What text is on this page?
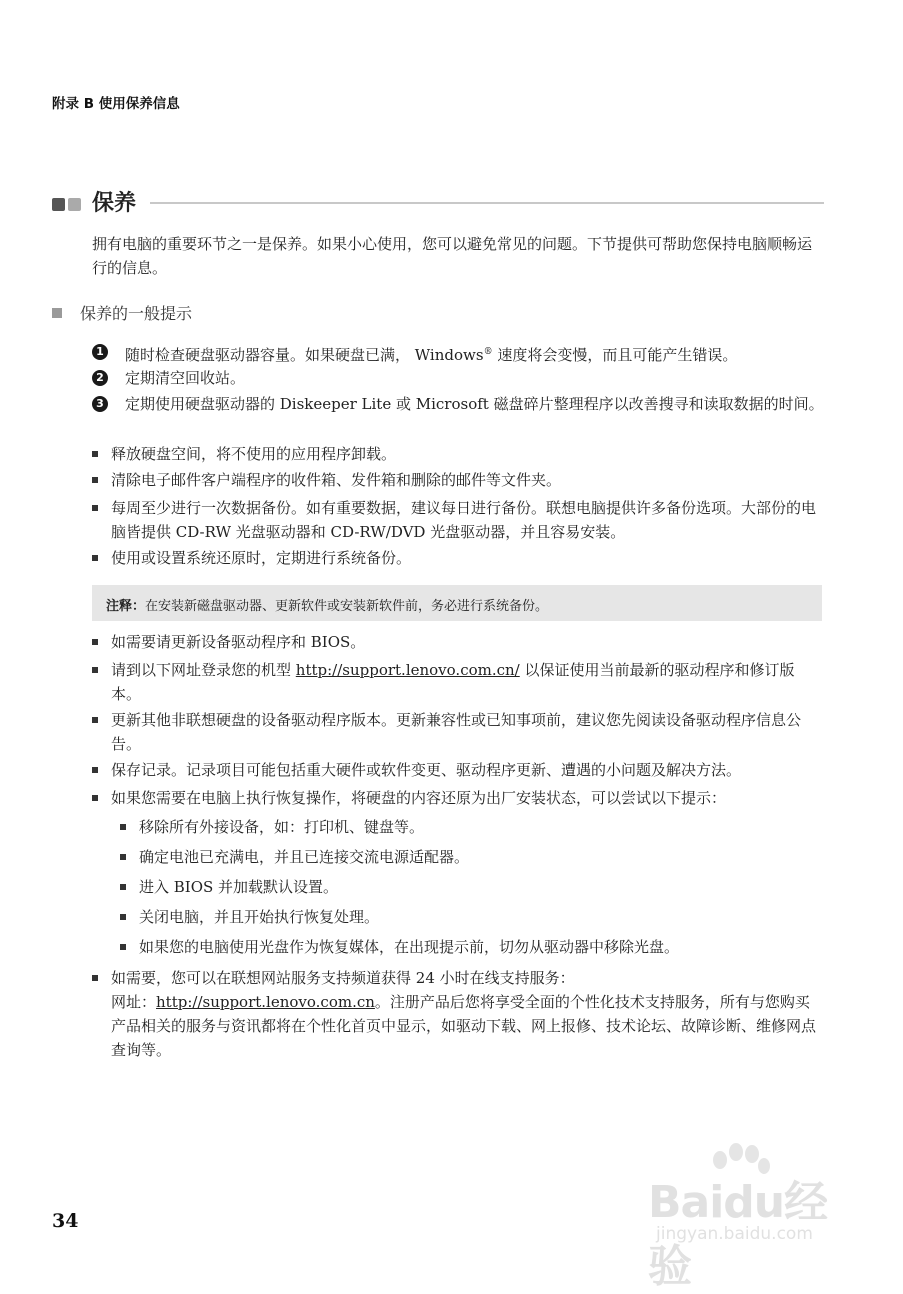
附录 B 使用保养信息
保养

拥有电脑的重要环节之一是保养。如果小心使用，您可以避免常见的问题。下节提供可帮助您保持电脑顺畅运行的信息。

保养的一般提示
1 随时检查硬盘驱动器容量。如果硬盘已满， Windows® 速度将会变慢，而且可能产生错误。
2 定期清空回收站。
3 定期使用硬盘驱动器的 Diskeeper Lite 或 Microsoft 磁盘碎片整理程序以改善搜寻和读取数据的时间。
释放硬盘空间，将不使用的应用程序卸载。
清除电子邮件客户端程序的收件箱、发件箱和删除的邮件等文件夹。
每周至少进行一次数据备份。如有重要数据，建议每日进行备份。联想电脑提供许多备份选项。大部份的电脑皆提供 CD-RW 光盘驱动器和 CD-RW/DVD 光盘驱动器，并且容易安装。
使用或设置系统还原时，定期进行系统备份。
注释：在安装新磁盘驱动器、更新软件或安装新软件前，务必进行系统备份。
如需要请更新设备驱动程序和 BIOS。
请到以下网址登录您的机型 http://support.lenovo.com.cn/ 以保证使用当前最新的驱动程序和修订版本。
更新其他非联想硬盘的设备驱动程序版本。更新兼容性或已知事项前，建议您先阅读设备驱动程序信息公告。
保存记录。记录项目可能包括重大硬件或软件变更、驱动程序更新、遭遇的小问题及解决方法。
如果您需要在电脑上执行恢复操作，将硬盘的内容还原为出厂安装状态，可以尝试以下提示：
移除所有外接设备，如：打印机、键盘等。
确定电池已充满电，并且已连接交流电源适配器。
进入 BIOS 并加载默认设置。
关闭电脑，并且开始执行恢复处理。
如果您的电脑使用光盘作为恢复媒体，在出现提示前，切勿从驱动器中移除光盘。
如需要，您可以在联想网站服务支持频道获得 24 小时在线支持服务：
网址：http://support.lenovo.com.cn。注册产品后您将享受全面的个性化技术支持服务，所有与您购买产品相关的服务与资讯都将在个性化首页中显示，如驱动下载、网上报修、技术论坛、故障诊断、维修网点查询等。
34	Baidu经验
jingyan.baidu.com
